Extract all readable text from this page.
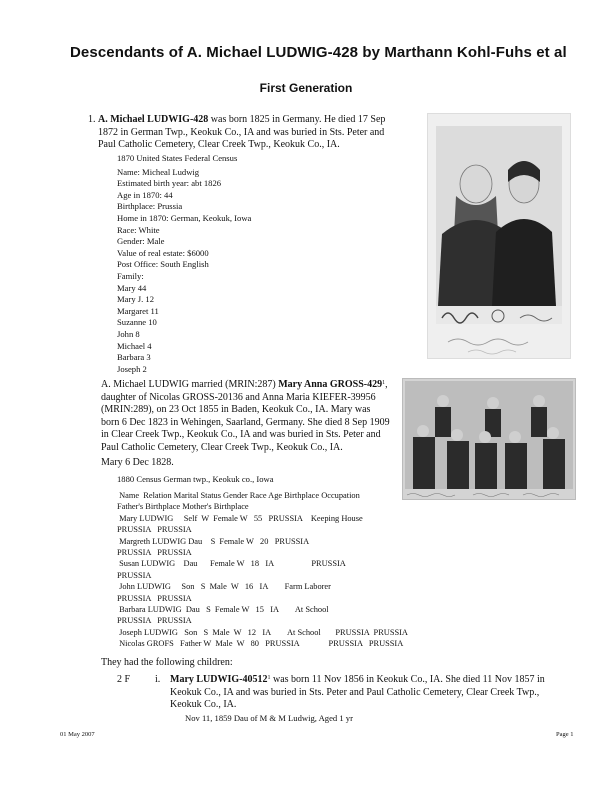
Descendants of A. Michael LUDWIG-428 by Marthann Kohl-Fuhs et al
First Generation
1. A. Michael LUDWIG-428 was born 1825 in Germany. He died 17 Sep
1872 in German Twp., Keokuk Co., IA and was buried in Sts. Peter and
Paul Catholic Cemetery, Clear Creek Twp., Keokuk Co., IA.
1870 United States Federal Census
Name: Micheal Ludwig
Estimated birth year: abt 1826
Age in 1870: 44
Birthplace: Prussia
Home in 1870: German, Keokuk, Iowa
Race: White
Gender: Male
Value of real estate: $6000
Post Office: South English
Family:
Mary 44
Mary J. 12
Margaret 11
Suzanne 10
John 8
Michael 4
Barbara 3
Joseph 2
A. Michael LUDWIG married (MRIN:287) Mary Anna GROSS-$429^1$,
daughter of Nicolas GROSS-20136 and Anna Maria KIEFER-39956
(MRIN:289), on 23 Oct 1855 in Baden, Keokuk Co., IA. Mary was
born 6 Dec 1823 in Wehingen, Saarland, Germany. She died 8 Sep 1909
in Clear Creek Twp., Keokuk Co., IA and was buried in Sts. Peter and
Paul Catholic Cemetery, Clear Creek Twp., Keokuk Co., IA.
Mary 6 Dec 1828.
1880 Census German twp., Keokuk co., Iowa
Name  Relation Marital Status Gender Race Age Birthplace Occupation
Father's Birthplace Mother's Birthplace
Mary LUDWIG     Self  W  Female W   55   PRUSSIA    Keeping House
PRUSSIA   PRUSSIA
Margreth LUDWIG Dau    S  Female W   20   PRUSSIA
PRUSSIA   PRUSSIA
Susan LUDWIG    Dau      Female W   18   IA                  PRUSSIA
PRUSSIA
John LUDWIG     Son   S  Male  W   16   IA        Farm Laborer
PRUSSIA   PRUSSIA
Barbara LUDWIG  Dau   S  Female W   15   IA        At School
PRUSSIA   PRUSSIA
Joseph LUDWIG   Son   S  Male  W   12   IA        At School       PRUSSIA  PRUSSIA
Nicolas GROFS   Father W  Male  W   80   PRUSSIA              PRUSSIA   PRUSSIA
They had the following children:
2 F i. Mary LUDWIG-40512$^1$ was born 11 Nov 1856 in Keokuk Co., IA. She died 11 Nov 1857 in
Keokuk Co., IA and was buried in Sts. Peter and Paul Catholic Cemetery, Clear Creek Twp.,
Keokuk Co., IA.
Nov 11, 1859 Dau of M & M Ludwig, Aged 1 yr
01 May 2007	Page 1
